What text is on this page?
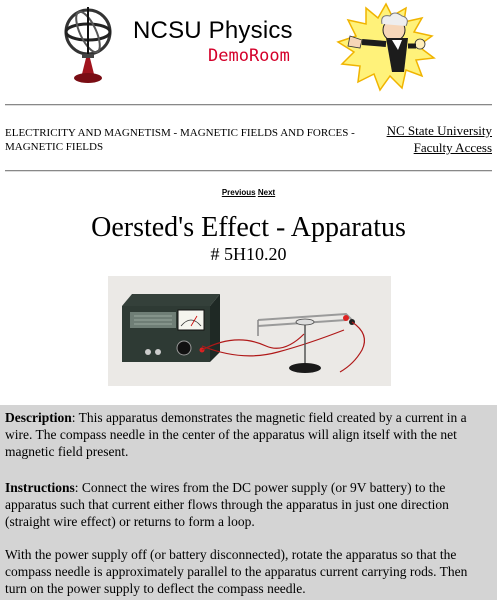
NCSU Physics
DemoRoom
ELECTRICITY AND MAGNETISM - MAGNETIC FIELDS AND FORCES - MAGNETIC FIELDS
NC State University
Faculty Access
Previous Next
Oersted's Effect - Apparatus
# 5H10.20

Description: This apparatus demonstrates the magnetic field created by a current in a wire. The compass needle in the center of the apparatus will align itself with the net magnetic field present.

Instructions: Connect the wires from the DC power supply (or 9V battery) to the apparatus such that current either flows through the apparatus in just one direction (straight wire effect) or returns to form a loop.

With the power supply off (or battery disconnected), rotate the apparatus so that the compass needle is approximately parallel to the apparatus current carrying rods. Then turn on the power supply to deflect the compass needle.
